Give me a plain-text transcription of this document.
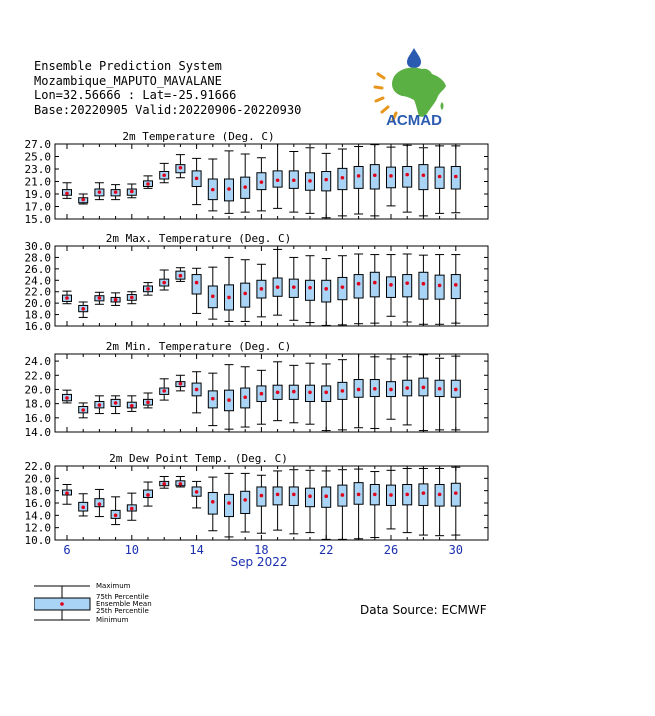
Ensemble Prediction System
Mozambique_MAPUTO_MAVALANE
Lon=32.56666 : Lat=-25.91666
Base:20220905 Valid:20220906-20220930
ACMAD
27.0
25.0
23.0
21.0
19.0
17.0
15.0
2m Temperature (Deg. C)
30.0
28.0
26.0
24.0
22.0
20.0
18.0
16.0
2m Max. Temperature (Deg. C)
24.0
22.0
20.0
18.0
16.0
14.0
2m Min. Temperature (Deg. C)
22.0
20.0
18.0
16.0
14.0
12.0
10.0
2m Dew Point Temp. (Deg. C)
6	10	14	18	22	26	30
Sep 2022
Maximum
75th Percentile
Ensemble Mean
25th Percentile
Minimum
Data Source: ECMWF
